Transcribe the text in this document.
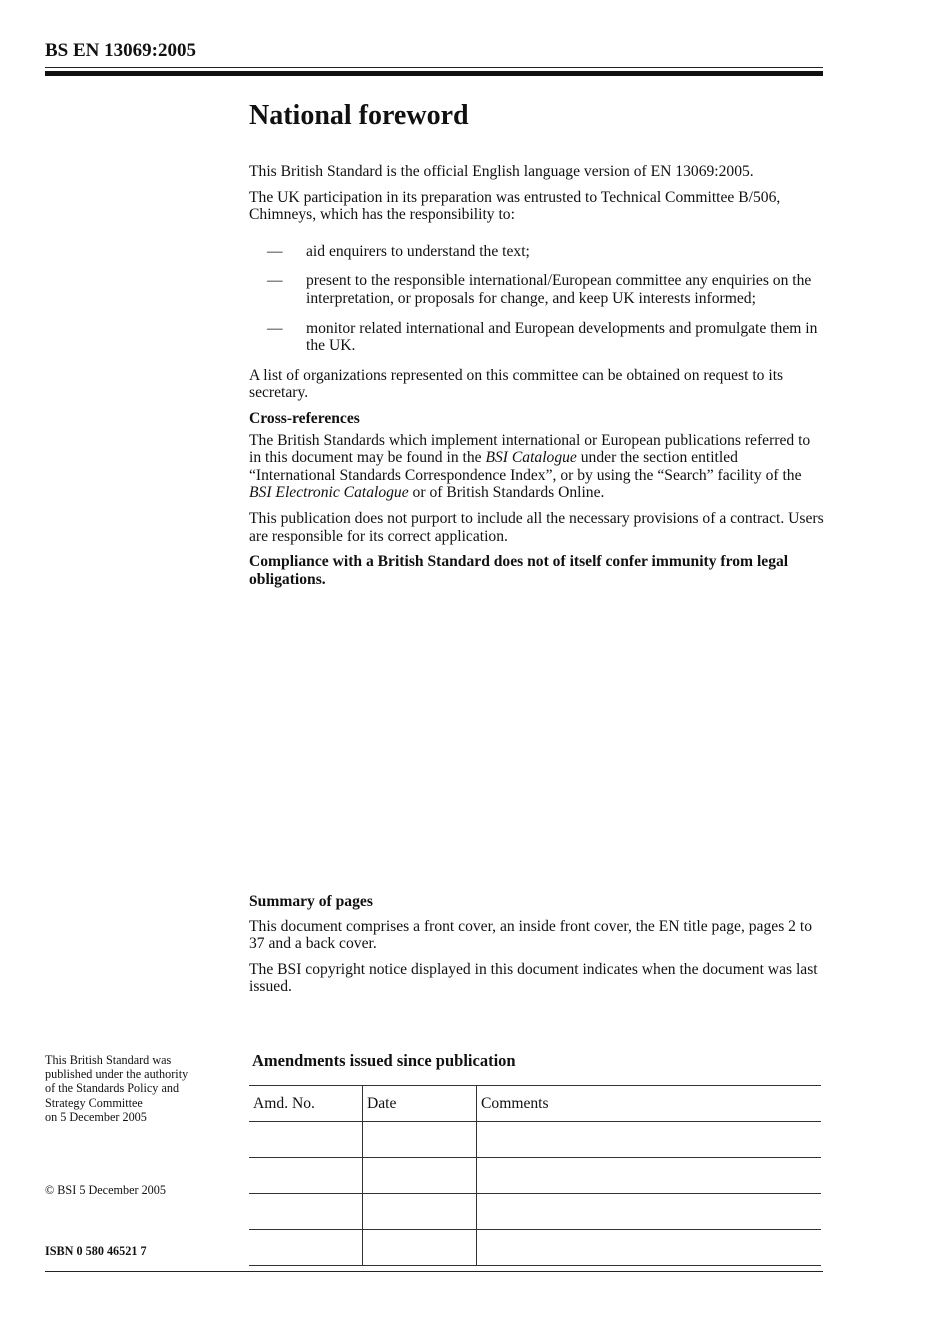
BS EN 13069:2005
National foreword

This British Standard is the official English language version of EN 13069:2005.

The UK participation in its preparation was entrusted to Technical Committee B/506, Chimneys, which has the responsibility to:

— aid enquirers to understand the text;
— present to the responsible international/European committee any enquiries on the interpretation, or proposals for change, and keep UK interests informed;
— monitor related international and European developments and promulgate them in the UK.

A list of organizations represented on this committee can be obtained on request to its secretary.

Cross-references

The British Standards which implement international or European publications referred to in this document may be found in the BSI Catalogue under the section entitled “International Standards Correspondence Index”, or by using the “Search” facility of the BSI Electronic Catalogue or of British Standards Online.

This publication does not purport to include all the necessary provisions of a contract. Users are responsible for its correct application.

Compliance with a British Standard does not of itself confer immunity from legal obligations.

Summary of pages

This document comprises a front cover, an inside front cover, the EN title page, pages 2 to 37 and a back cover.

The BSI copyright notice displayed in this document indicates when the document was last issued.

This British Standard was
published under the authority
of the Standards Policy and
Strategy Committee
on 5 December 2005
© BSI 5 December 2005
ISBN 0 580 46521 7
Amendments issued since publication
Amd. No.	Date	Comments
